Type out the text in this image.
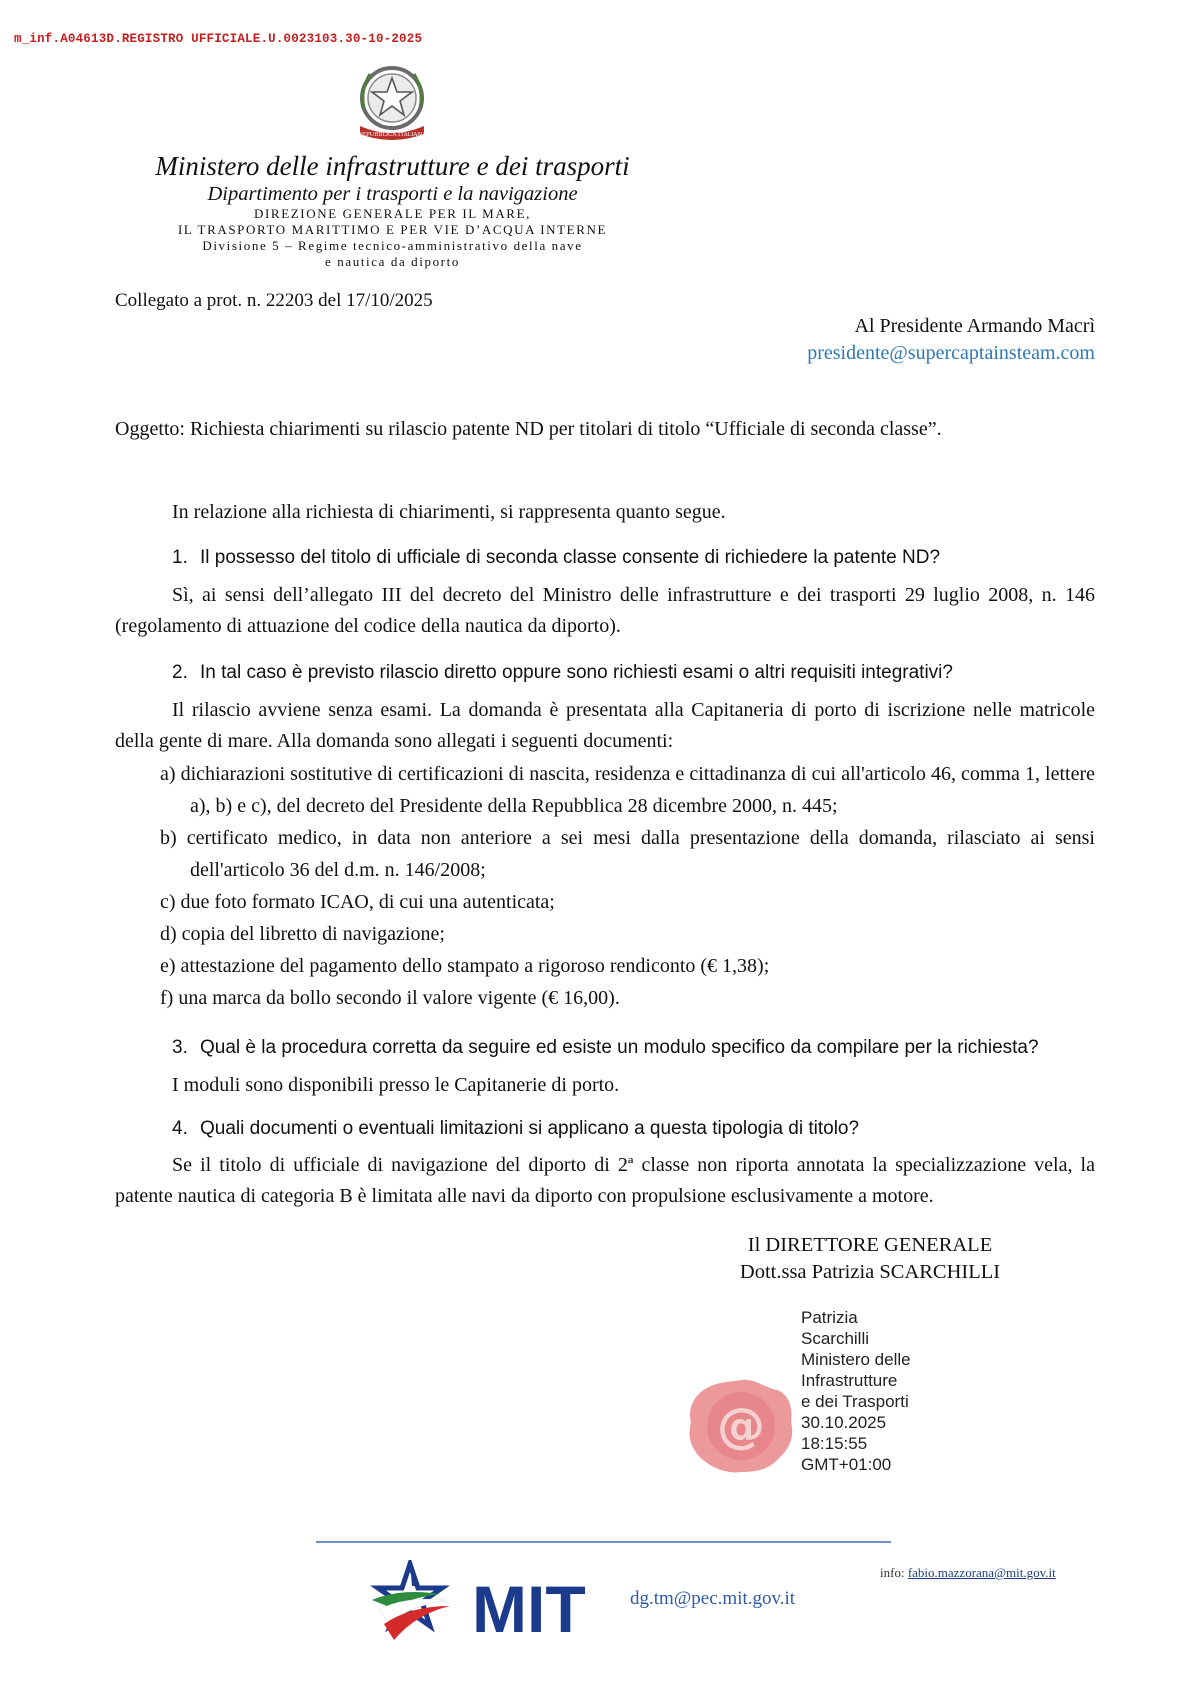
m_inf.A04613D.REGISTRO UFFICIALE.U.0023103.30-10-2025
REPUBBLICA ITALIANA
Ministero delle infrastrutture e dei trasporti
Dipartimento per i trasporti e la navigazione
DIREZIONE GENERALE PER IL MARE,
IL TRASPORTO MARITTIMO E PER VIE D’ACQUA INTERNE
Divisione 5 – Regime tecnico-amministrativo della nave
e nautica da diporto
Collegato a prot. n. 22203 del 17/10/2025
Al Presidente Armando Macrì
presidente@supercaptainsteam.com
Oggetto: Richiesta chiarimenti su rilascio patente ND per titolari di titolo “Ufficiale di seconda classe”.
In relazione alla richiesta di chiarimenti, si rappresenta quanto segue.
1. Il possesso del titolo di ufficiale di seconda classe consente di richiedere la patente ND?
Sì, ai sensi dell’allegato III del decreto del Ministro delle infrastrutture e dei trasporti 29 luglio 2008, n. 146 (regolamento di attuazione del codice della nautica da diporto).
2. In tal caso è previsto rilascio diretto oppure sono richiesti esami o altri requisiti integrativi?
Il rilascio avviene senza esami. La domanda è presentata alla Capitaneria di porto di iscrizione nelle matricole della gente di mare. Alla domanda sono allegati i seguenti documenti:
a) dichiarazioni sostitutive di certificazioni di nascita, residenza e cittadinanza di cui all'articolo 46, comma 1, lettere a), b) e c), del decreto del Presidente della Repubblica 28 dicembre 2000, n. 445;
b) certificato medico, in data non anteriore a sei mesi dalla presentazione della domanda, rilasciato ai sensi dell'articolo 36 del d.m. n. 146/2008;
c) due foto formato ICAO, di cui una autenticata;
d) copia del libretto di navigazione;
e) attestazione del pagamento dello stampato a rigoroso rendiconto (€ 1,38);
f) una marca da bollo secondo il valore vigente (€ 16,00).
3. Qual è la procedura corretta da seguire ed esiste un modulo specifico da compilare per la richiesta?
I moduli sono disponibili presso le Capitanerie di porto.
4. Quali documenti o eventuali limitazioni si applicano a questa tipologia di titolo?
Se il titolo di ufficiale di navigazione del diporto di 2ª classe non riporta annotata la specializzazione vela, la patente nautica di categoria B è limitata alle navi da diporto con propulsione esclusivamente a motore.
Il DIRETTORE GENERALE
Dott.ssa Patrizia SCARCHILLI
@
Patrizia
Scarchilli
Ministero delle
Infrastrutture
e dei Trasporti
30.10.2025
18:15:55
GMT+01:00
info: fabio.mazzorana@mit.gov.it
MIT dg.tm@pec.mit.gov.it
